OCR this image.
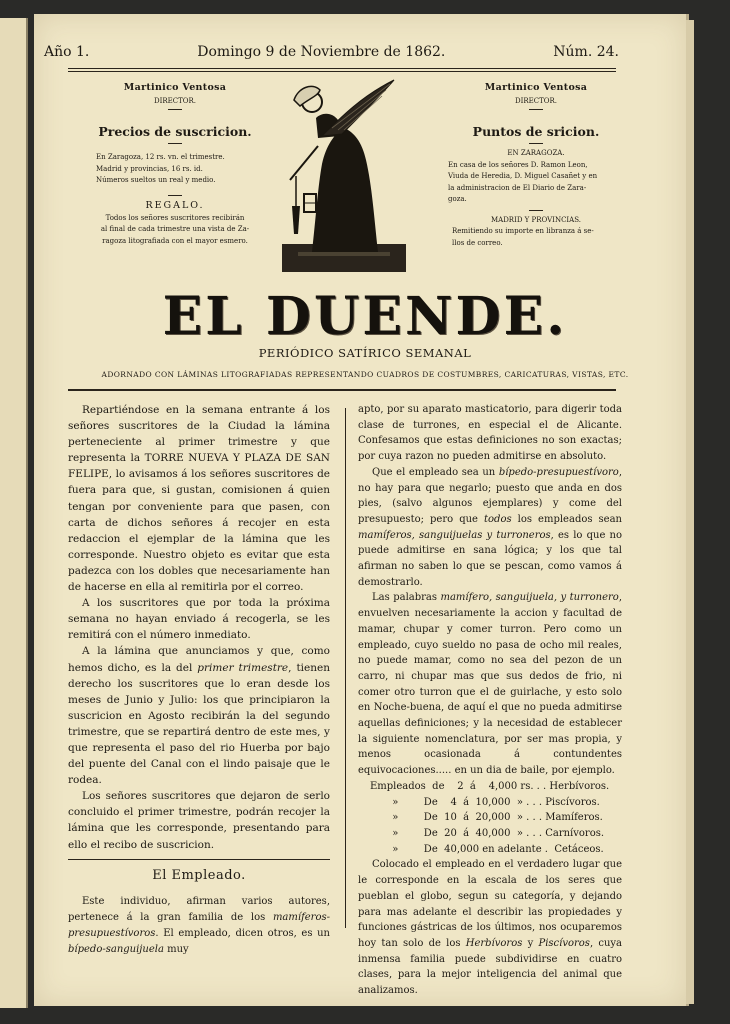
Año 1.	Domingo 9 de Noviembre de 1862.	Núm. 24.
Martinico Ventosa
DIRECTOR.
Precios de suscricion.
En Zaragoza, 12 rs. vn. el trimestre.
Madrid y provincias, 16 rs. id.
Números sueltos un real y medio.
REGALO.
Todos los señores suscritores recibirán
al final de cada trimestre una vista de Za-
ragoza litografiada con el mayor esmero.
Martinico Ventosa
DIRECTOR.
Puntos de sricion.
EN ZARAGOZA.
En casa de los señores D. Ramon Leon,
Viuda de Heredia, D. Miguel Casañet y en
la administracion de El Diario de Zara-
goza.
MADRID Y PROVINCIAS.
Remitiendo su importe en libranza á se-
llos de correo.
EL DUENDE.
PERIÓDICO SATÍRICO SEMANAL
ADORNADO CON LÁMINAS LITOGRAFIADAS REPRESENTANDO CUADROS DE COSTUMBRES, CARICATURAS, VISTAS, ETC.

Repartiéndose en la semana entrante á los señores suscritores de la Ciudad la lámina perteneciente al primer trimestre y que representa la TORRE NUEVA Y PLAZA DE SAN FELIPE, lo avisamos á los señores suscritores de fuera para que, si gustan, comisionen á quien tengan por conveniente para que pasen, con carta de dichos señores á recojer en esta redaccion el ejemplar de la lámina que les corresponde. Nuestro objeto es evitar que esta padezca con los dobles que necesariamente han de hacerse en ella al remitirla por el correo.

A los suscritores que por toda la próxima semana no hayan enviado á recogerla, se les remitirá con el número inmediato.

A la lámina que anunciamos y que, como hemos dicho, es la del primer trimestre, tienen derecho los suscritores que lo eran desde los meses de Junio y Julio: los que principiaron la suscricion en Agosto recibirán la del segundo trimestre, que se repartirá dentro de este mes, y que representa el paso del rio Huerba por bajo del puente del Canal con el lindo paisaje que le rodea.

Los señores suscritores que dejaron de serlo concluido el primer trimestre, podrán recojer la lámina que les corresponde, presentando para ello el recibo de suscricion.

El Empleado.

Este individuo, afirman varios autores, pertenece á la gran familia de los mamíferos-presupuestívoros. El empleado, dicen otros, es un bípedo-sanguijuela muy

apto, por su aparato masticatorio, para digerir toda clase de turrones, en especial el de Alicante. Confesamos que estas definiciones no son exactas; por cuya razon no pueden admitirse en absoluto.

Que el empleado sea un bípedo-presupuestívoro, no hay para que negarlo; puesto que anda en dos pies, (salvo algunos ejemplares) y come del presupuesto; pero que todos los empleados sean mamíferos, sanguijuelas y turroneros, es lo que no puede admitirse en sana lógica; y los que tal afirman no saben lo que se pescan, como vamos á demostrarlo.

Las palabras mamífero, sanguijuela, y turronero, envuelven necesariamente la accion y facultad de mamar, chupar y comer turron. Pero como un empleado, cuyo sueldo no pasa de ocho mil reales, no puede mamar, como no sea del pezon de un carro, ni chupar mas que sus dedos de frio, ni comer otro turron que el de guirlache, y esto solo en Noche-buena, de aquí el que no pueda admitirse aquellas definiciones; y la necesidad de establecer la siguiente nomenclatura, por ser mas propia, y menos ocasionada á contundentes equivocaciones..... en un dia de baile, por ejemplo.

Empleados  de    2  á    4,000 rs. . . Herbívoros.
»        De    4  á  10,000  » . . . Piscívoros.
»        De  10  á  20,000  » . . . Mamíferos.
»        De  20  á  40,000  » . . . Carnívoros.
»        De  40,000 en adelante .  Cetáceos.

Colocado el empleado en el verdadero lugar que le corresponde en la escala de los seres que pueblan el globo, segun su categoría, y dejando para mas adelante el describir las propiedades y funciones gástricas de los últimos, nos ocuparemos hoy tan solo de los Herbívoros y Piscívoros, cuya inmensa familia puede subdividirse en cuatro clases, para la mejor inteligencia del animal que analizamos.
